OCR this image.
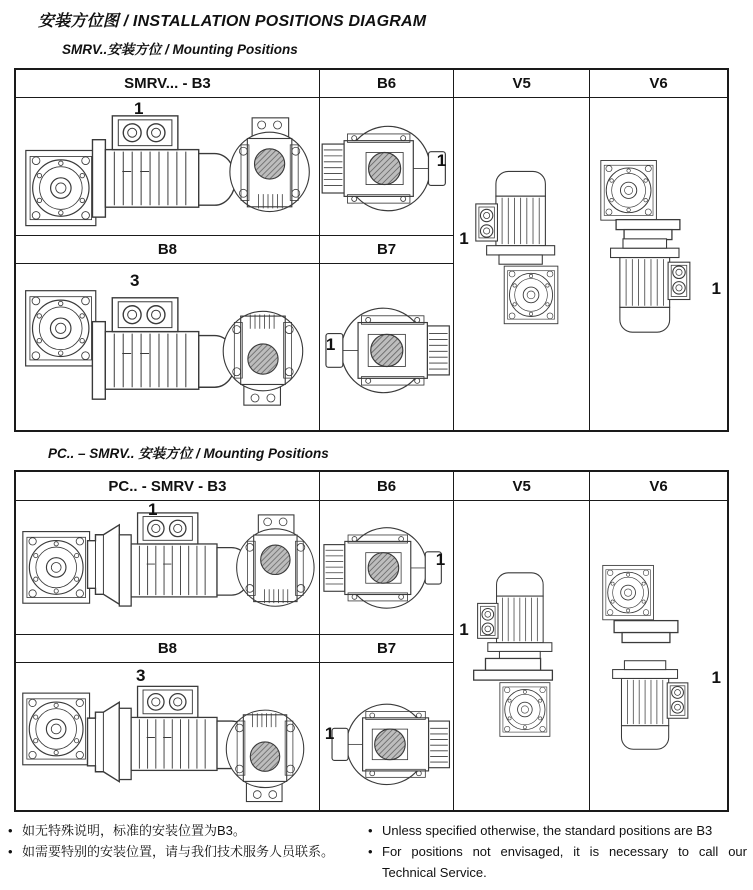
安装方位图 / INSTALLATION POSITIONS DIAGRAM
SMRV..安装方位 / Mounting Positions
SMRV... - B3	B6	V5	V6
1
1
1
1
B8	B7
3
1
PC.. – SMRV.. 安装方位 / Mounting Positions
PC.. - SMRV - B3	B6	V5	V6
1
1
1
1
B8	B7
3
1
• 如无特殊说明，标准的安装位置为B3。
• 如需要特别的安装位置，请与我们技术服务人员联系。
• Unless specified otherwise, the standard positions are B3
• For positions not envisaged, it is necessary to call our Technical Service.
